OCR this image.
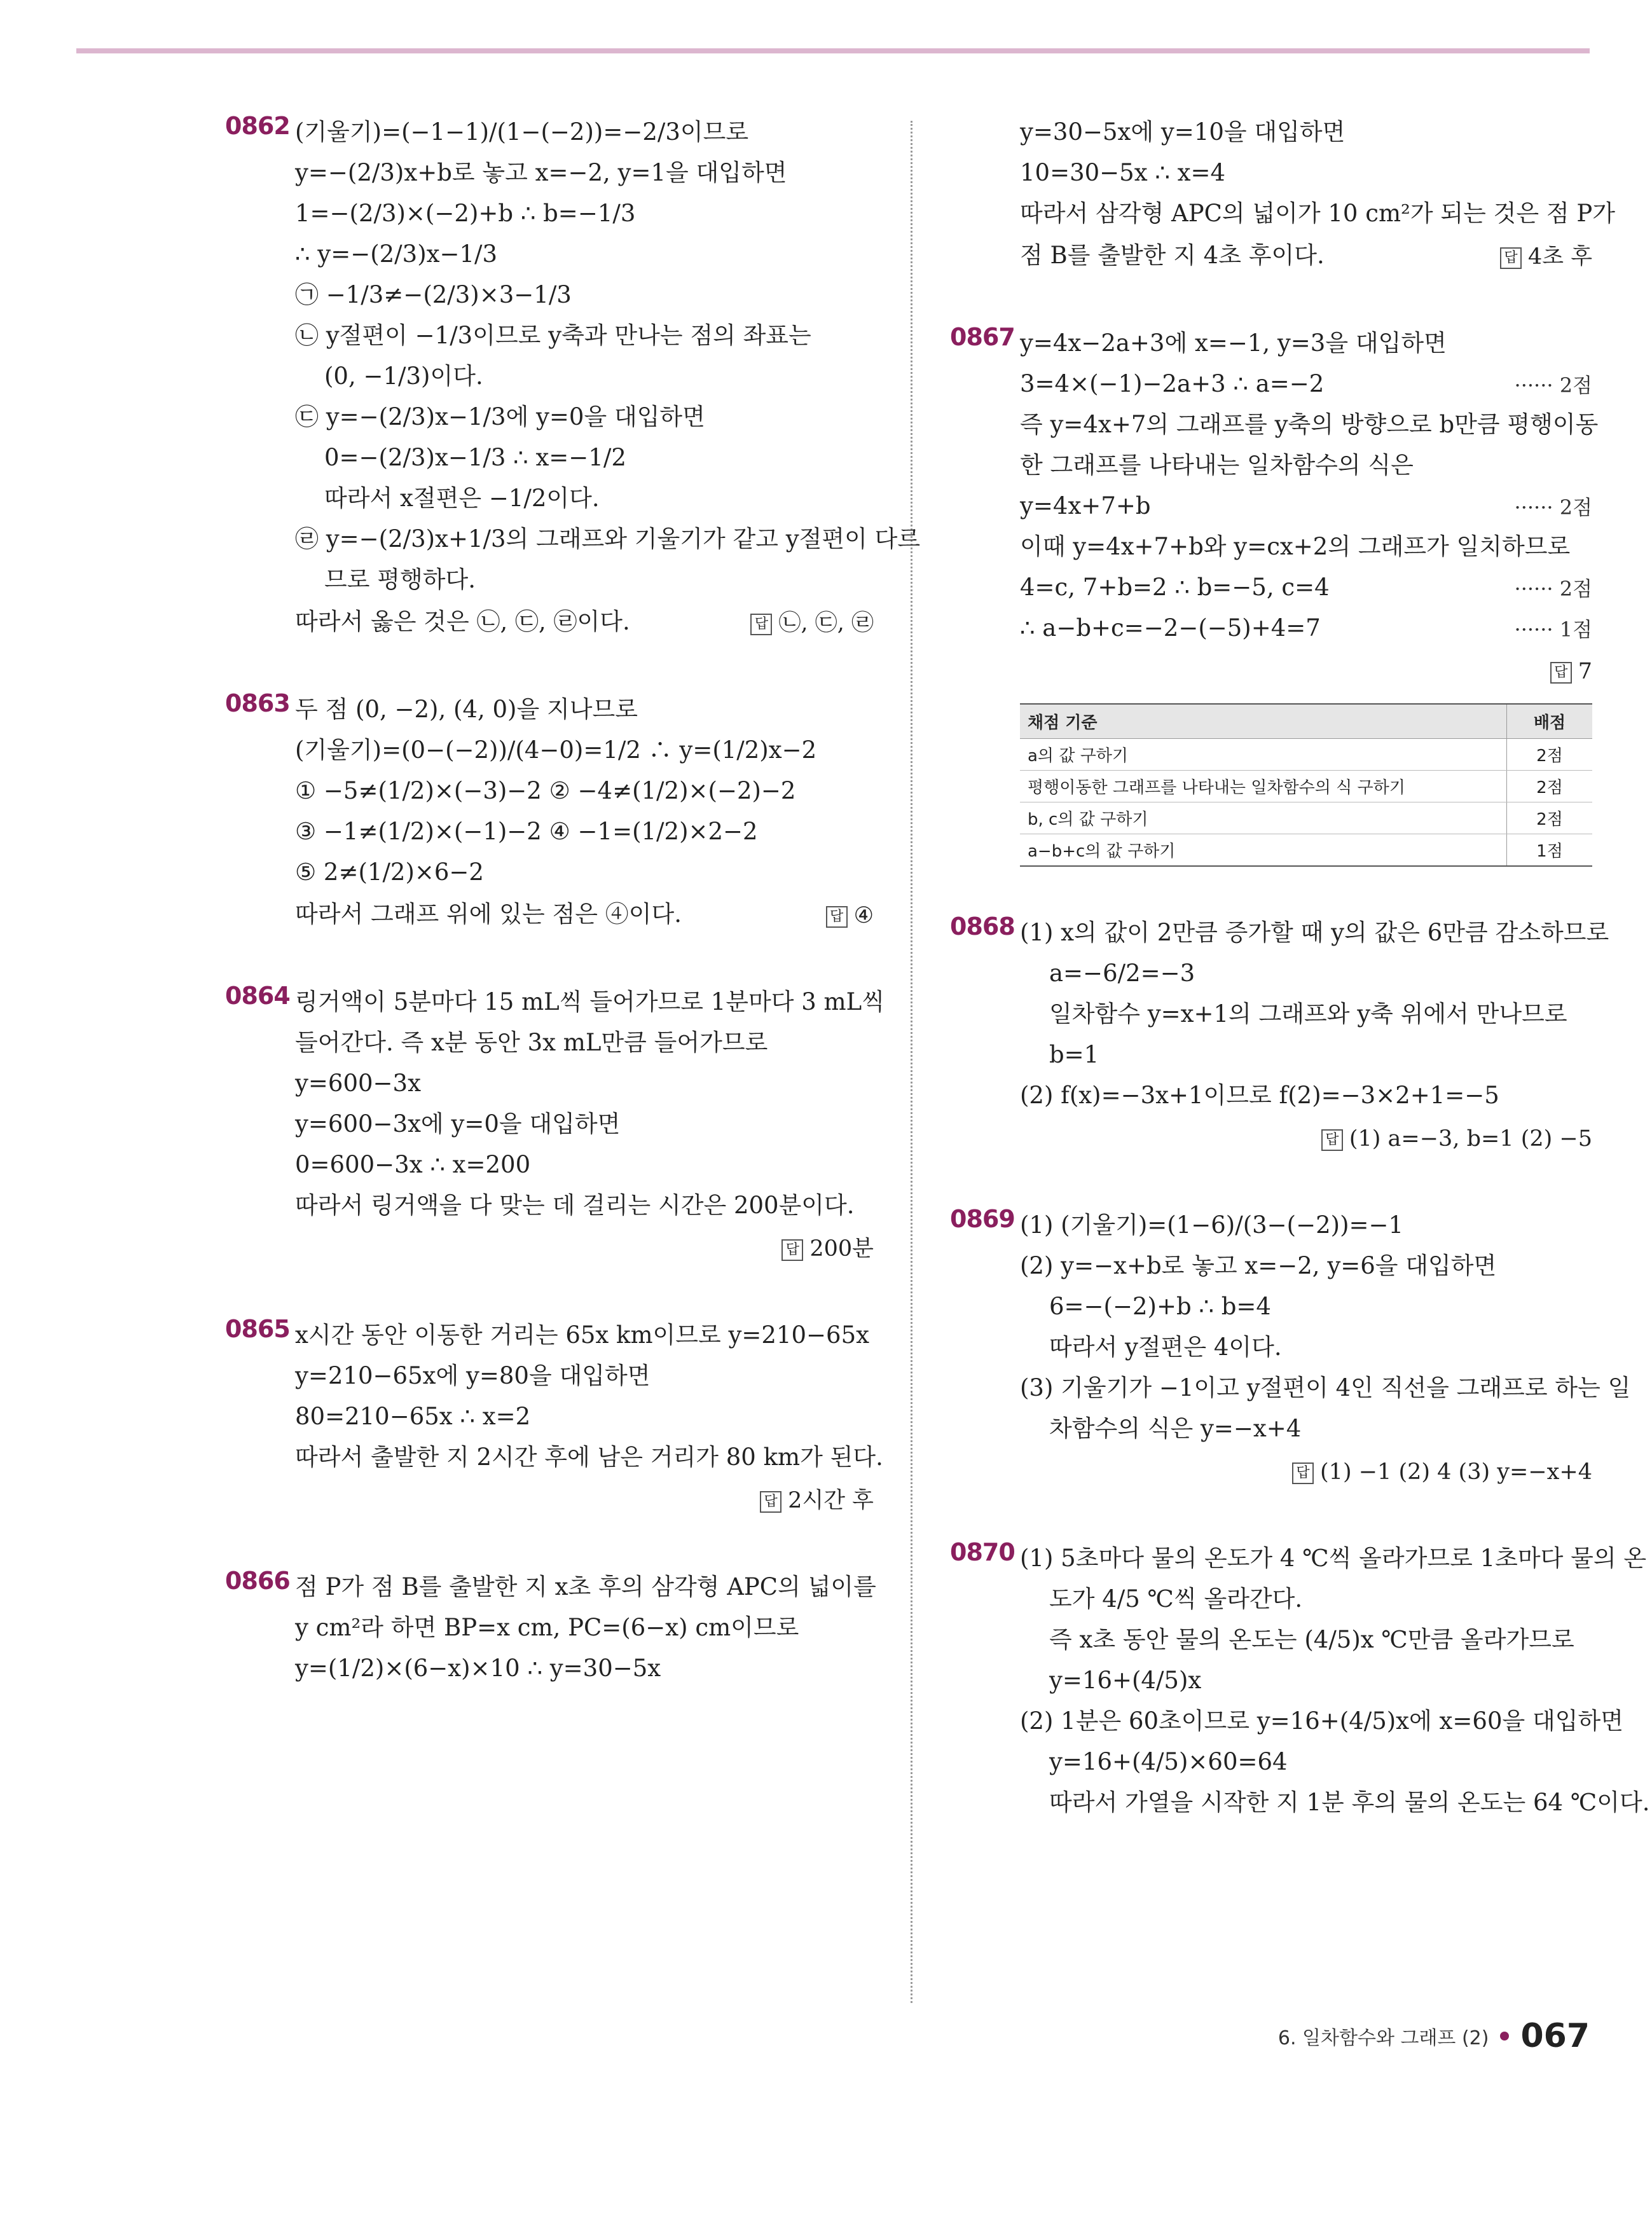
0862 (기울기)=(−1−1)/(1−(−2))=−2/3이므로
y=−(2/3)x+b로 놓고 x=−2, y=1을 대입하면
1=−(2/3)×(−2)+b ∴ b=−1/3
∴ y=−(2/3)x−1/3
㉠ −1/3≠−(2/3)×3−1/3
㉡ y절편이 −1/3이므로 y축과 만나는 점의 좌표는
(0, −1/3)이다.
㉢ y=−(2/3)x−1/3에 y=0을 대입하면
0=−(2/3)x−1/3 ∴ x=−1/2
따라서 x절편은 −1/2이다.
㉣ y=−(2/3)x+1/3의 그래프와 기울기가 같고 y절편이 다르
므로 평행하다.
따라서 옳은 것은 ㉡, ㉢, ㉣이다.	답 ㉡, ㉢, ㉣
0863 두 점 (0, −2), (4, 0)을 지나므로
(기울기)=(0−(−2))/(4−0)=1/2 ∴ y=(1/2)x−2
① −5≠(1/2)×(−3)−2 ② −4≠(1/2)×(−2)−2
③ −1≠(1/2)×(−1)−2 ④ −1=(1/2)×2−2
⑤ 2≠(1/2)×6−2
따라서 그래프 위에 있는 점은 ④이다.	답 ④
0864 링거액이 5분마다 15 mL씩 들어가므로 1분마다 3 mL씩
들어간다. 즉 x분 동안 3x mL만큼 들어가므로
y=600−3x
y=600−3x에 y=0을 대입하면
0=600−3x ∴ x=200
따라서 링거액을 다 맞는 데 걸리는 시간은 200분이다.
답 200분
0865 x시간 동안 이동한 거리는 65x km이므로 y=210−65x
y=210−65x에 y=80을 대입하면
80=210−65x ∴ x=2
따라서 출발한 지 2시간 후에 남은 거리가 80 km가 된다.
답 2시간 후
0866 점 P가 점 B를 출발한 지 x초 후의 삼각형 APC의 넓이를
y cm²라 하면 BP=x cm, PC=(6−x) cm이므로
y=(1/2)×(6−x)×10 ∴ y=30−5x
y=30−5x에 y=10을 대입하면
10=30−5x ∴ x=4
따라서 삼각형 APC의 넓이가 10 cm²가 되는 것은 점 P가
점 B를 출발한 지 4초 후이다.	답 4초 후
0867 y=4x−2a+3에 x=−1, y=3을 대입하면
3=4×(−1)−2a+3 ∴ a=−2	······ 2점
즉 y=4x+7의 그래프를 y축의 방향으로 b만큼 평행이동
한 그래프를 나타내는 일차함수의 식은
y=4x+7+b	······ 2점
이때 y=4x+7+b와 y=cx+2의 그래프가 일치하므로
4=c, 7+b=2 ∴ b=−5, c=4	······ 2점
∴ a−b+c=−2−(−5)+4=7	······ 1점
답 7
채점 기준	배점
a의 값 구하기	2점
평행이동한 그래프를 나타내는 일차함수의 식 구하기	2점
b, c의 값 구하기	2점
a−b+c의 값 구하기	1점
0868 (1) x의 값이 2만큼 증가할 때 y의 값은 6만큼 감소하므로
a=−6/2=−3
일차함수 y=x+1의 그래프와 y축 위에서 만나므로
b=1
(2) f(x)=−3x+1이므로 f(2)=−3×2+1=−5
답 (1) a=−3, b=1 (2) −5
0869 (1) (기울기)=(1−6)/(3−(−2))=−1
(2) y=−x+b로 놓고 x=−2, y=6을 대입하면
6=−(−2)+b ∴ b=4
따라서 y절편은 4이다.
(3) 기울기가 −1이고 y절편이 4인 직선을 그래프로 하는 일
차함수의 식은 y=−x+4
답 (1) −1 (2) 4 (3) y=−x+4
0870 (1) 5초마다 물의 온도가 4 ℃씩 올라가므로 1초마다 물의 온
도가 4/5 ℃씩 올라간다.
즉 x초 동안 물의 온도는 (4/5)x ℃만큼 올라가므로
y=16+(4/5)x
(2) 1분은 60초이므로 y=16+(4/5)x에 x=60을 대입하면
y=16+(4/5)×60=64
따라서 가열을 시작한 지 1분 후의 물의 온도는 64 ℃이다.
6. 일차함수와 그래프 (2) 067
